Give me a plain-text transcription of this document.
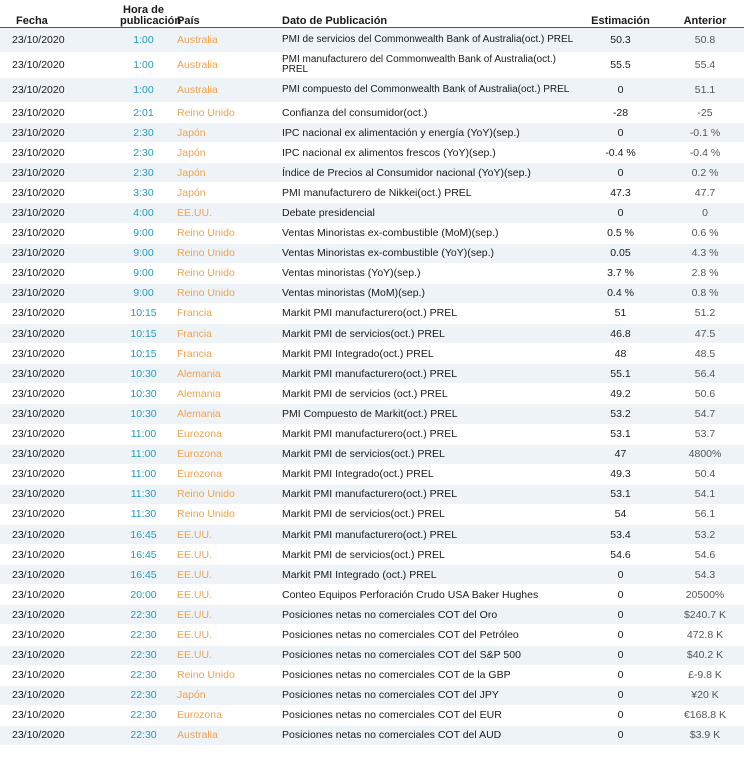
Fecha	Hora de publicación	País	Dato de Publicación	Estimación	Anterior
23/10/2020	1:00	Australia	PMI de servicios del Commonwealth Bank of Australia(oct.) PREL	50.3	50.8
23/10/2020	1:00	Australia	PMI manufacturero del Commonwealth Bank of Australia(oct.) PREL	55.5	55.4
23/10/2020	1:00	Australia	PMI compuesto del Commonwealth Bank of Australia(oct.) PREL	0	51.1
23/10/2020	2:01	Reino Unido	Confianza del consumidor(oct.)	-28	-25
23/10/2020	2:30	Japón	IPC nacional ex alimentación y energía (YoY)(sep.)	0	-0.1 %
23/10/2020	2:30	Japón	IPC nacional ex alimentos frescos (YoY)(sep.)	-0.4 %	-0.4 %
23/10/2020	2:30	Japón	Índice de Precios al Consumidor nacional (YoY)(sep.)	0	0.2 %
23/10/2020	3:30	Japón	PMI manufacturero de Nikkei(oct.) PREL	47.3	47.7
23/10/2020	4:00	EE.UU.	Debate presidencial	0	0
23/10/2020	9:00	Reino Unido	Ventas Minoristas ex-combustible (MoM)(sep.)	0.5 %	0.6 %
23/10/2020	9:00	Reino Unido	Ventas Minoristas ex-combustible (YoY)(sep.)	0.05	4.3 %
23/10/2020	9:00	Reino Unido	Ventas minoristas (YoY)(sep.)	3.7 %	2.8 %
23/10/2020	9:00	Reino Unido	Ventas minoristas (MoM)(sep.)	0.4 %	0.8 %
23/10/2020	10:15	Francia	Markit PMI manufacturero(oct.) PREL	51	51.2
23/10/2020	10:15	Francia	Markit PMI de servicios(oct.) PREL	46.8	47.5
23/10/2020	10:15	Francia	Markit PMI Integrado(oct.) PREL	48	48.5
23/10/2020	10:30	Alemania	Markit PMI manufacturero(oct.) PREL	55.1	56.4
23/10/2020	10:30	Alemania	Markit PMI de servicios (oct.) PREL	49.2	50.6
23/10/2020	10:30	Alemania	PMI Compuesto de Markit(oct.) PREL	53.2	54.7
23/10/2020	11:00	Eurozona	Markit PMI manufacturero(oct.) PREL	53.1	53.7
23/10/2020	11:00	Eurozona	Markit PMI de servicios(oct.) PREL	47	4800%
23/10/2020	11:00	Eurozona	Markit PMI Integrado(oct.) PREL	49.3	50.4
23/10/2020	11:30	Reino Unido	Markit PMI manufacturero(oct.) PREL	53.1	54.1
23/10/2020	11:30	Reino Unido	Markit PMI de servicios(oct.) PREL	54	56.1
23/10/2020	16:45	EE.UU.	Markit PMI manufacturero(oct.) PREL	53.4	53.2
23/10/2020	16:45	EE.UU.	Markit PMI de servicios(oct.) PREL	54.6	54.6
23/10/2020	16:45	EE.UU.	Markit PMI Integrado (oct.) PREL	0	54.3
23/10/2020	20:00	EE.UU.	Conteo Equipos Perforación Crudo USA Baker Hughes	0	20500%
23/10/2020	22:30	EE.UU.	Posiciones netas no comerciales COT del Oro	0	$240.7 K
23/10/2020	22:30	EE.UU.	Posiciones netas no comerciales COT del Petróleo	0	472.8 K
23/10/2020	22:30	EE.UU.	Posiciones netas no comerciales COT del S&P 500	0	$40.2 K
23/10/2020	22:30	Reino Unido	Posiciones netas no comerciales COT de la GBP	0	£-9.8 K
23/10/2020	22:30	Japón	Posiciones netas no comerciales COT del JPY	0	¥20 K
23/10/2020	22:30	Eurozona	Posiciones netas no comerciales COT del EUR	0	€168.8 K
23/10/2020	22:30	Australia	Posiciones netas no comerciales COT del AUD	0	$3.9 K
